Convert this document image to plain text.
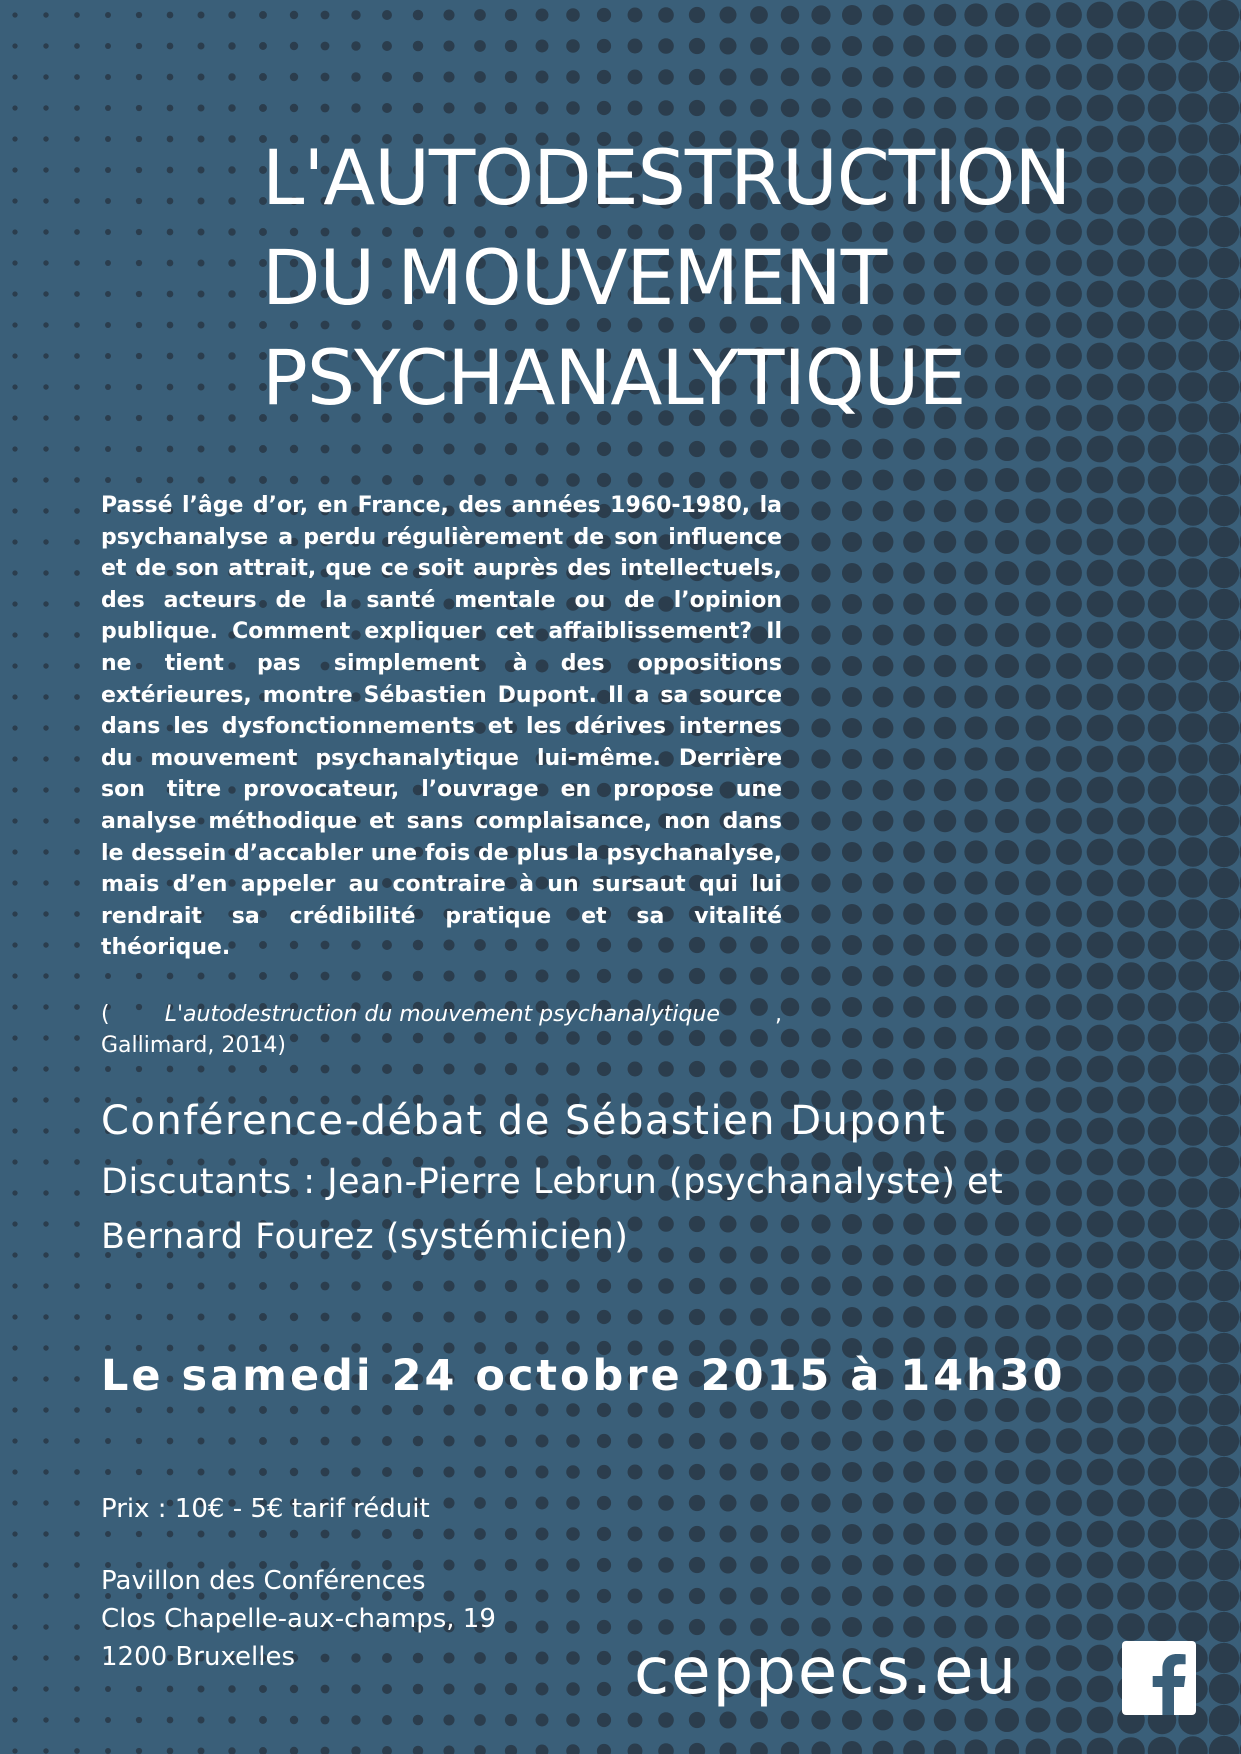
L'AUTODESTRUCTION
DU MOUVEMENT
PSYCHANALYTIQUE

Passé l’âge d’or, en France, des années 1960-1980, la psychanalyse a perdu régulièrement de son influence et de son attrait, que ce soit auprès des intellectuels, des acteurs de la santé mentale ou de l’opinion publique. Comment expliquer cet affaiblissement? Il ne tient pas simplement à des oppositions extérieures, montre Sébastien Dupont. Il a sa source dans les dysfonctionnements et les dérives internes du mouvement psychanalytique lui-même. Derrière son titre provocateur, l’ouvrage en propose une analyse méthodique et sans complaisance, non dans le dessein d’accabler une fois de plus la psychanalyse, mais d’en appeler au contraire à un sursaut qui lui rendrait sa crédibilité pratique et sa vitalité théorique.

(	L'autodestruction du mouvement psychanalytique	,
Gallimard, 2014)

Conférence-débat de Sébastien Dupont

Discutants : Jean-Pierre Lebrun (psychanalyste) et
Bernard Fourez (systémicien)

Le samedi 24 octobre 2015 à 14h30

Prix : 10€ - 5€ tarif réduit

Pavillon des Conférences
Clos Chapelle-aux-champs, 19
1200 Bruxelles	ceppecs.eu
